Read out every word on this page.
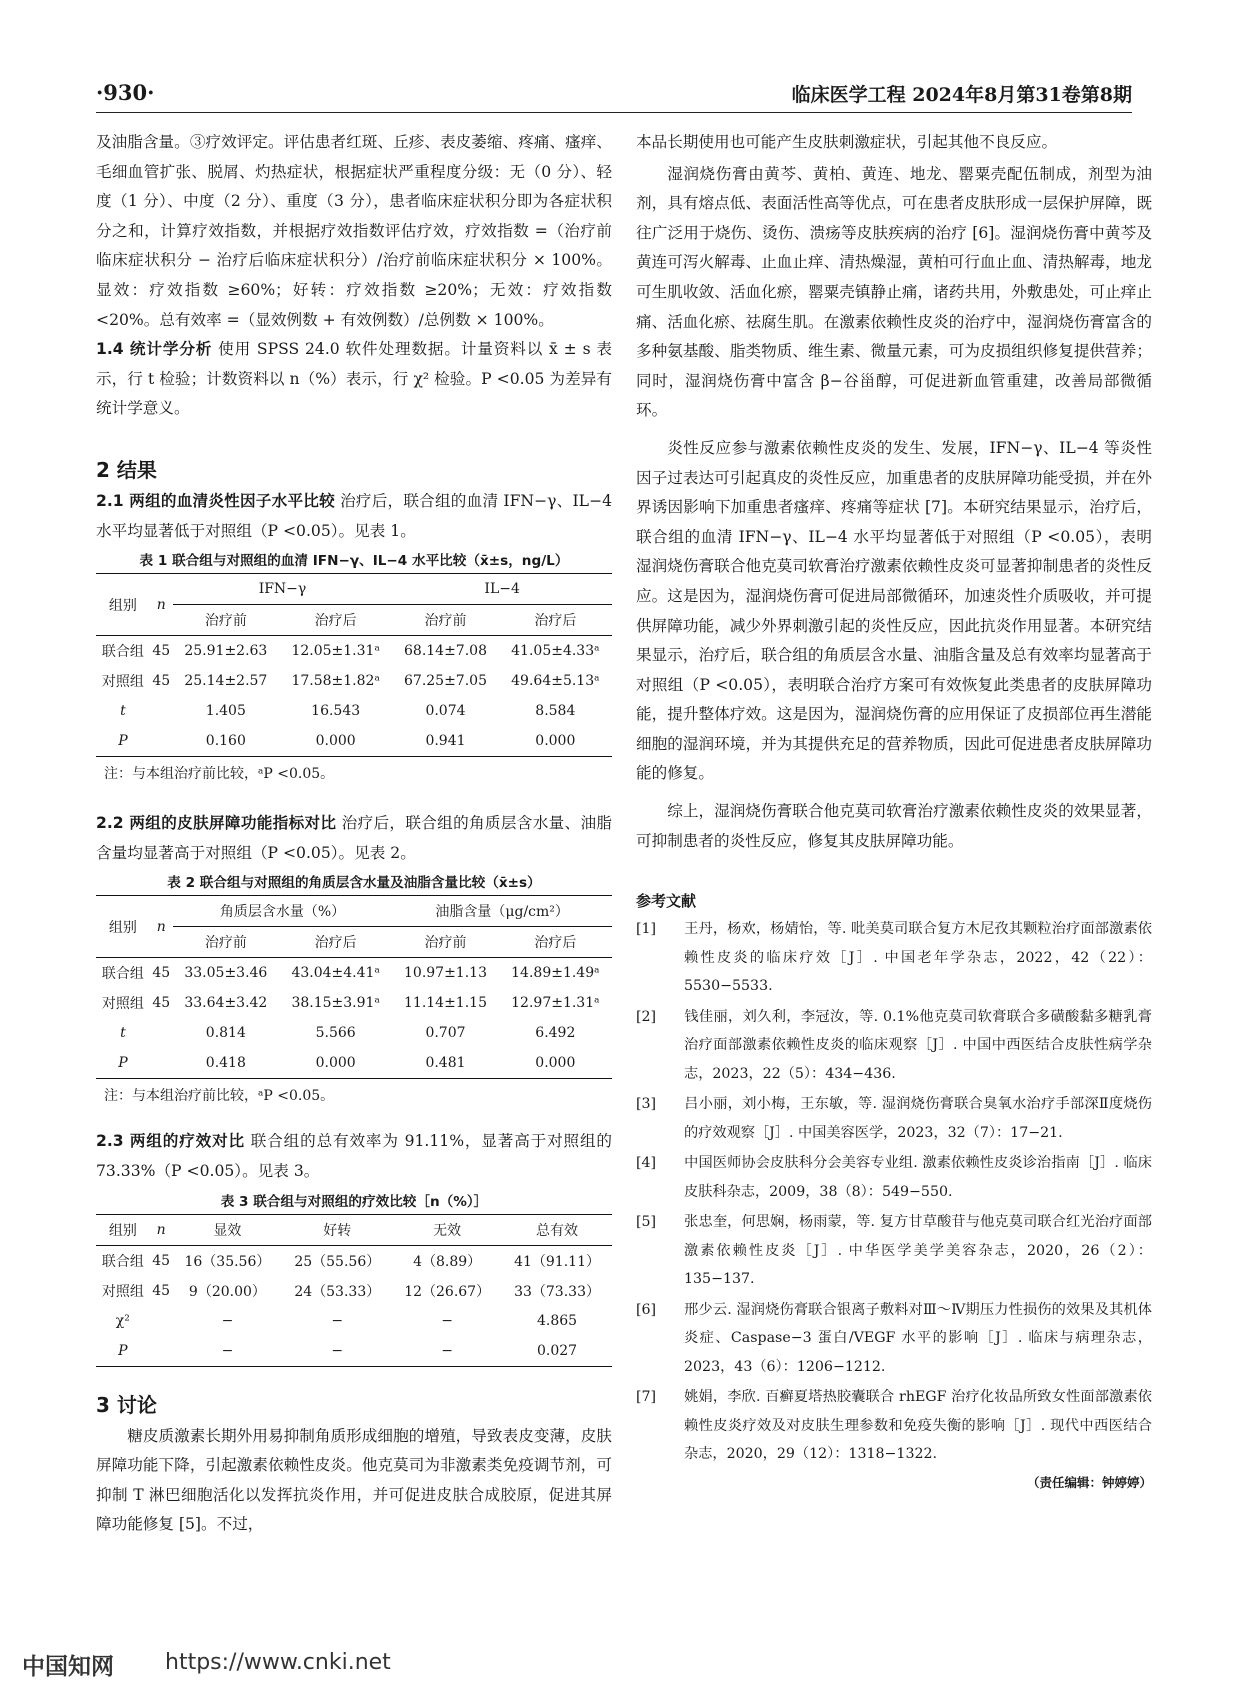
·930·	临床医学工程 2024年8月第31卷第8期

及油脂含量。③疗效评定。评估患者红斑、丘疹、表皮萎缩、疼痛、瘙痒、毛细血管扩张、脱屑、灼热症状，根据症状严重程度分级：无（0 分）、轻度（1 分）、中度（2 分）、重度（3 分），患者临床症状积分即为各症状积分之和，计算疗效指数，并根据疗效指数评估疗效，疗效指数 =（治疗前临床症状积分 − 治疗后临床症状积分）/治疗前临床症状积分 × 100%。显效：疗效指数 ≥60%；好转：疗效指数 ≥20%；无效：疗效指数 <20%。总有效率 =（显效例数 + 有效例数）/总例数 × 100%。

1.4 统计学分析 使用 SPSS 24.0 软件处理数据。计量资料以 x̄ ± s 表示，行 t 检验；计数资料以 n（%）表示，行 χ² 检验。P <0.05 为差异有统计学意义。

2 结果

2.1 两组的血清炎性因子水平比较 治疗后，联合组的血清 IFN−γ、IL−4 水平均显著低于对照组（P <0.05）。见表 1。

表 1 联合组与对照组的血清 IFN−γ、IL−4 水平比较（x̄±s，ng/L）
组别	n	IFN−γ		IL−4	
		治疗前	治疗后	治疗前	治疗后
联合组	45	25.91±2.63	12.05±1.31ᵃ	68.14±7.08	41.05±4.33ᵃ
对照组	45	25.14±2.57	17.58±1.82ᵃ	67.25±7.05	49.64±5.13ᵃ
t		1.405	16.543	0.074	8.584
P		0.160	0.000	0.941	0.000
注：与本组治疗前比较，ᵃP <0.05。

2.2 两组的皮肤屏障功能指标对比 治疗后，联合组的角质层含水量、油脂含量均显著高于对照组（P <0.05）。见表 2。

表 2 联合组与对照组的角质层含水量及油脂含量比较（x̄±s）
组别	n	角质层含水量（%）		油脂含量（μg/cm²）	
		治疗前	治疗后	治疗前	治疗后
联合组	45	33.05±3.46	43.04±4.41ᵃ	10.97±1.13	14.89±1.49ᵃ
对照组	45	33.64±3.42	38.15±3.91ᵃ	11.14±1.15	12.97±1.31ᵃ
t		0.814	5.566	0.707	6.492
P		0.418	0.000	0.481	0.000
注：与本组治疗前比较，ᵃP <0.05。

2.3 两组的疗效对比 联合组的总有效率为 91.11%，显著高于对照组的 73.33%（P <0.05）。见表 3。

表 3 联合组与对照组的疗效比较［n（%）］
组别	n	显效	好转	无效	总有效
联合组	45	16（35.56）	25（55.56）	4（8.89）	41（91.11）
对照组	45	9（20.00）	24（53.33）	12（26.67）	33（73.33）
χ²		−	−	−	4.865
P		−	−	−	0.027
3 讨论

糖皮质激素长期外用易抑制角质形成细胞的增殖，导致表皮变薄，皮肤屏障功能下降，引起激素依赖性皮炎。他克莫司为非激素类免疫调节剂，可抑制 T 淋巴细胞活化以发挥抗炎作用，并可促进皮肤合成胶原，促进其屏障功能修复 [5]。不过，

本品长期使用也可能产生皮肤刺激症状，引起其他不良反应。

湿润烧伤膏由黄芩、黄柏、黄连、地龙、罂粟壳配伍制成，剂型为油剂，具有熔点低、表面活性高等优点，可在患者皮肤形成一层保护屏障，既往广泛用于烧伤、烫伤、溃疡等皮肤疾病的治疗 [6]。湿润烧伤膏中黄芩及黄连可泻火解毒、止血止痒、清热燥湿，黄柏可行血止血、清热解毒，地龙可生肌收敛、活血化瘀，罂粟壳镇静止痛，诸药共用，外敷患处，可止痒止痛、活血化瘀、祛腐生肌。在激素依赖性皮炎的治疗中，湿润烧伤膏富含的多种氨基酸、脂类物质、维生素、微量元素，可为皮损组织修复提供营养；同时，湿润烧伤膏中富含 β−谷甾醇，可促进新血管重建，改善局部微循环。

炎性反应参与激素依赖性皮炎的发生、发展，IFN−γ、IL−4 等炎性因子过表达可引起真皮的炎性反应，加重患者的皮肤屏障功能受损，并在外界诱因影响下加重患者瘙痒、疼痛等症状 [7]。本研究结果显示，治疗后，联合组的血清 IFN−γ、IL−4 水平均显著低于对照组（P <0.05），表明湿润烧伤膏联合他克莫司软膏治疗激素依赖性皮炎可显著抑制患者的炎性反应。这是因为，湿润烧伤膏可促进局部微循环，加速炎性介质吸收，并可提供屏障功能，减少外界刺激引起的炎性反应，因此抗炎作用显著。本研究结果显示，治疗后，联合组的角质层含水量、油脂含量及总有效率均显著高于对照组（P <0.05），表明联合治疗方案可有效恢复此类患者的皮肤屏障功能，提升整体疗效。这是因为，湿润烧伤膏的应用保证了皮损部位再生潜能细胞的湿润环境，并为其提供充足的营养物质，因此可促进患者皮肤屏障功能的修复。

综上，湿润烧伤膏联合他克莫司软膏治疗激素依赖性皮炎的效果显著，可抑制患者的炎性反应，修复其皮肤屏障功能。

参考文献
[1] 王丹，杨欢，杨婧怡，等. 吡美莫司联合复方木尼孜其颗粒治疗面部激素依赖性皮炎的临床疗效［J］. 中国老年学杂志，2022，42（22）：5530−5533.
[2] 钱佳丽，刘久利，李冠汝，等. 0.1%他克莫司软膏联合多磺酸黏多糖乳膏治疗面部激素依赖性皮炎的临床观察［J］. 中国中西医结合皮肤性病学杂志，2023，22（5）：434−436.
[3] 吕小丽，刘小梅，王东敏，等. 湿润烧伤膏联合臭氧水治疗手部深Ⅱ度烧伤的疗效观察［J］. 中国美容医学，2023，32（7）：17−21.
[4] 中国医师协会皮肤科分会美容专业组. 激素依赖性皮炎诊治指南［J］. 临床皮肤科杂志，2009，38（8）：549−550.
[5] 张忠奎，何思娴，杨雨蒙，等. 复方甘草酸苷与他克莫司联合红光治疗面部激素依赖性皮炎［J］. 中华医学美学美容杂志，2020，26（2）：135−137.
[6] 邢少云. 湿润烧伤膏联合银离子敷料对Ⅲ～Ⅳ期压力性损伤的效果及其机体炎症、Caspase−3 蛋白/VEGF 水平的影响［J］. 临床与病理杂志，2023，43（6）：1206−1212.
[7] 姚娟，李欣. 百癣夏塔热胶囊联合 rhEGF 治疗化妆品所致女性面部激素依赖性皮炎疗效及对皮肤生理参数和免疫失衡的影响［J］. 现代中西医结合杂志，2020，29（12）：1318−1322.
（责任编辑：钟婷婷）
中国知网 https://www.cnki.net
